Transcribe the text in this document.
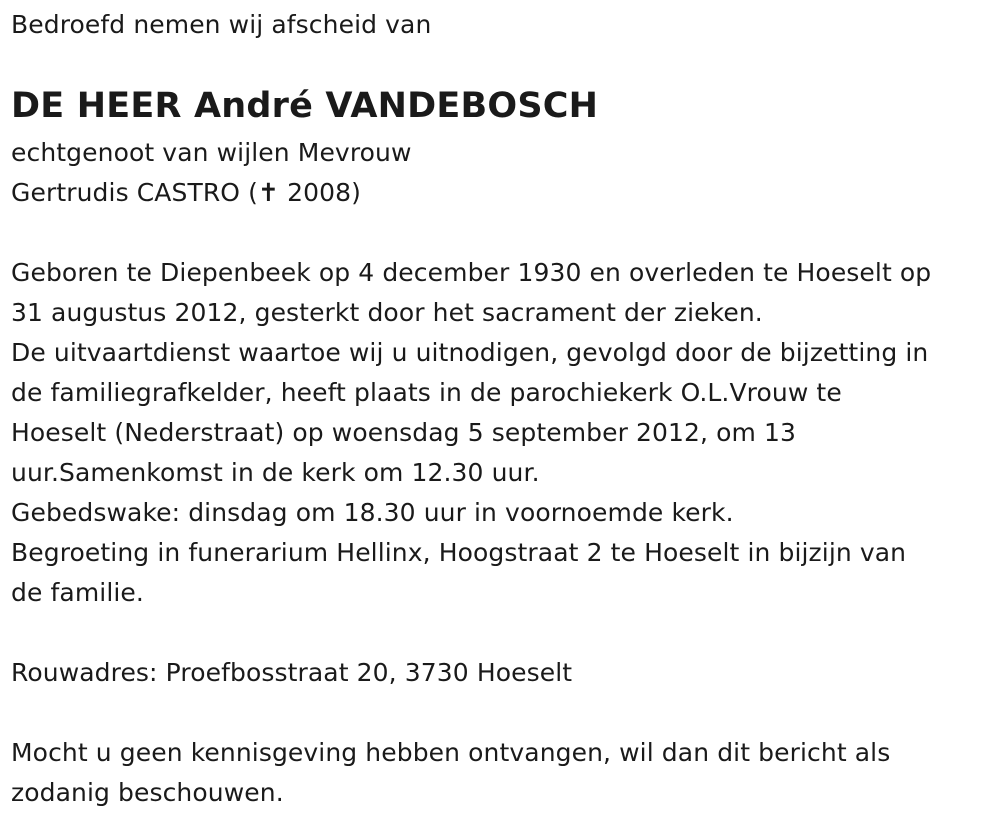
Bedroefd nemen wij afscheid van
DE HEER André VANDEBOSCH
echtgenoot van wijlen Mevrouw
Gertrudis CASTRO (✝ 2008)
Geboren te Diepenbeek op 4 december 1930 en overleden te Hoeselt op
31 augustus 2012, gesterkt door het sacrament der zieken.
De uitvaartdienst waartoe wij u uitnodigen, gevolgd door de bijzetting in
de familiegrafkelder, heeft plaats in de parochiekerk O.L.Vrouw te
Hoeselt (Nederstraat) op woensdag 5 september 2012, om 13
uur.Samenkomst in de kerk om 12.30 uur.
Gebedswake: dinsdag om 18.30 uur in voornoemde kerk.
Begroeting in funerarium Hellinx, Hoogstraat 2 te Hoeselt in bijzijn van
de familie.
Rouwadres: Proefbosstraat 20, 3730 Hoeselt
Mocht u geen kennisgeving hebben ontvangen, wil dan dit bericht als
zodanig beschouwen.
